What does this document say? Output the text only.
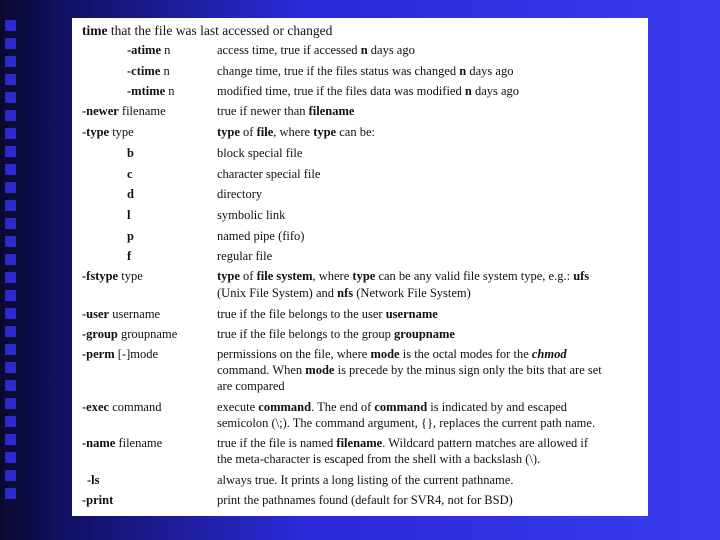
time that the file was last accessed or changed
-atime n	access time, true if accessed n days ago
-ctime n	change time, true if the files status was changed n days ago
-mtime n	modified time, true if the files data was modified n days ago
-newer filename	true if newer than filename
-type type	type of file, where type can be:
b	block special file
c	character special file
d	directory
l	symbolic link
p	named pipe (fifo)
f	regular file
-fstype type	type of file system, where type can be any valid file system type, e.g.: ufs
(Unix File System) and nfs (Network File System)
-user username	true if the file belongs to the user username
-group groupname	true if the file belongs to the group groupname
-perm [-]mode	permissions on the file, where mode is the octal modes for the chmod
command. When mode is precede by the minus sign only the bits that are set
are compared
-exec command	execute command. The end of command is indicated by and escaped
semicolon (\;). The command argument, {}, replaces the current path name.
-name filename	true if the file is named filename. Wildcard pattern matches are allowed if
the meta-character is escaped from the shell with a backslash (\).
-ls	always true. It prints a long listing of the current pathname.
-print	print the pathnames found (default for SVR4, not for BSD)
